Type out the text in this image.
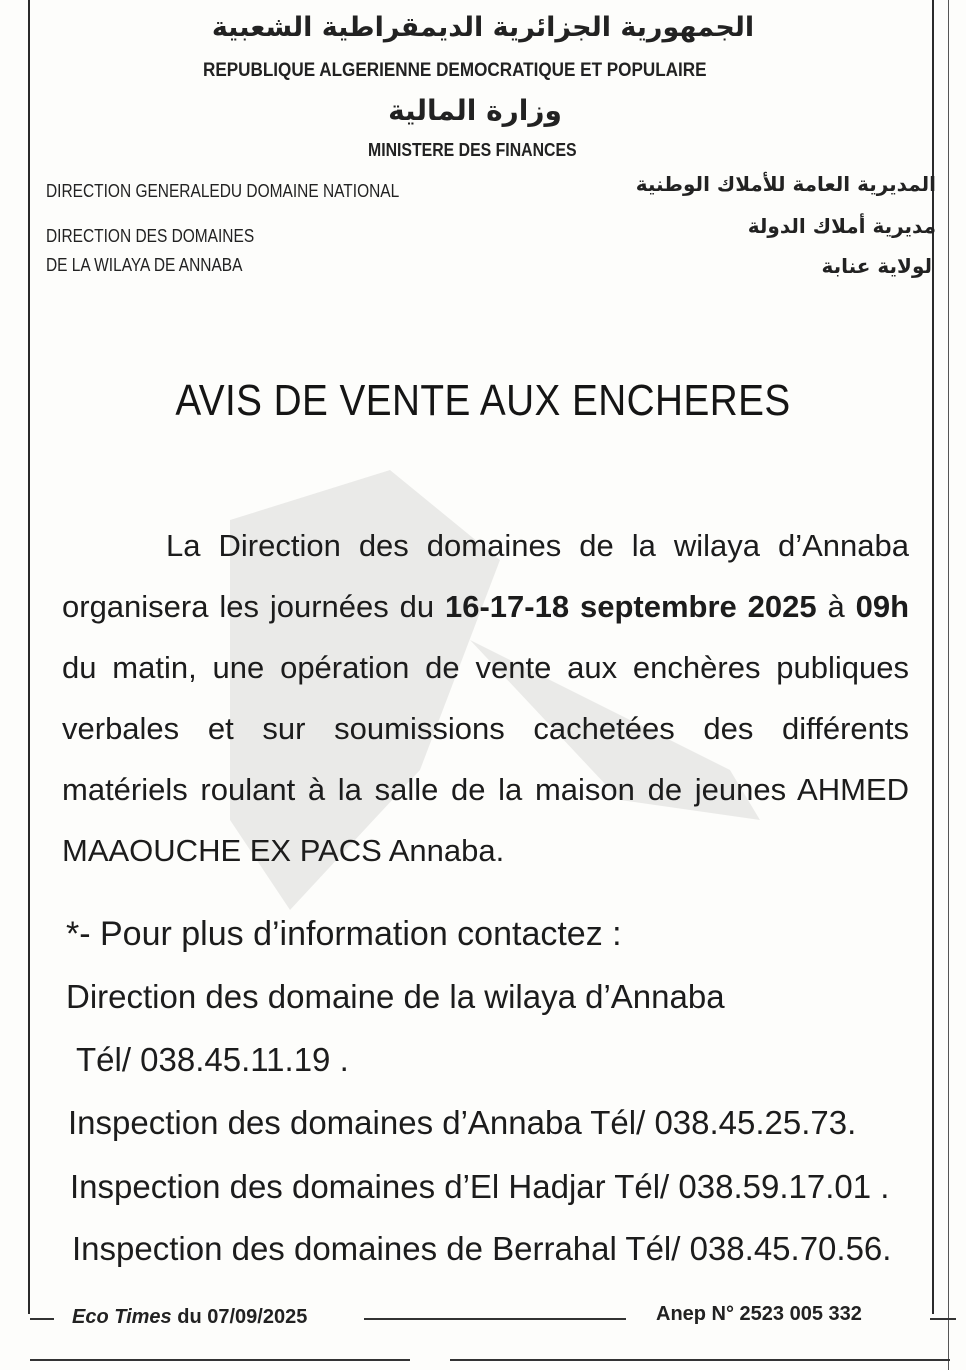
الجمهورية الجزائرية الديمقراطية الشعبية
REPUBLIQUE ALGERIENNE DEMOCRATIQUE ET POPULAIRE
وزارة المالية
MINISTERE DES FINANCES
DIRECTION GENERALEDU DOMAINE NATIONAL
DIRECTION DES DOMAINES
DE LA WILAYA DE ANNABA
المديرية العامة للأملاك الوطنية
مديرية أملاك الدولة
لولاية عنابة
AVIS DE VENTE AUX ENCHERES
La Direction des domaines de la wilaya d’Annaba organisera les journées du 16-17-18 septembre 2025 à 09h du matin, une opération de vente aux enchères publiques verbales et sur soumissions cachetées des différents matériels roulant à la salle de la maison de jeunes AHMED MAAOUCHE EX PACS Annaba.
*- Pour plus d’information contactez :
Direction des domaine de la wilaya d’Annaba
Tél/ 038.45.11.19 .
Inspection des domaines d’Annaba Tél/ 038.45.25.73.
Inspection des domaines d’El Hadjar Tél/ 038.59.17.01 .
Inspection des domaines de Berrahal Tél/ 038.45.70.56.
Eco Times du 07/09/2025	Anep N° 2523 005 332
